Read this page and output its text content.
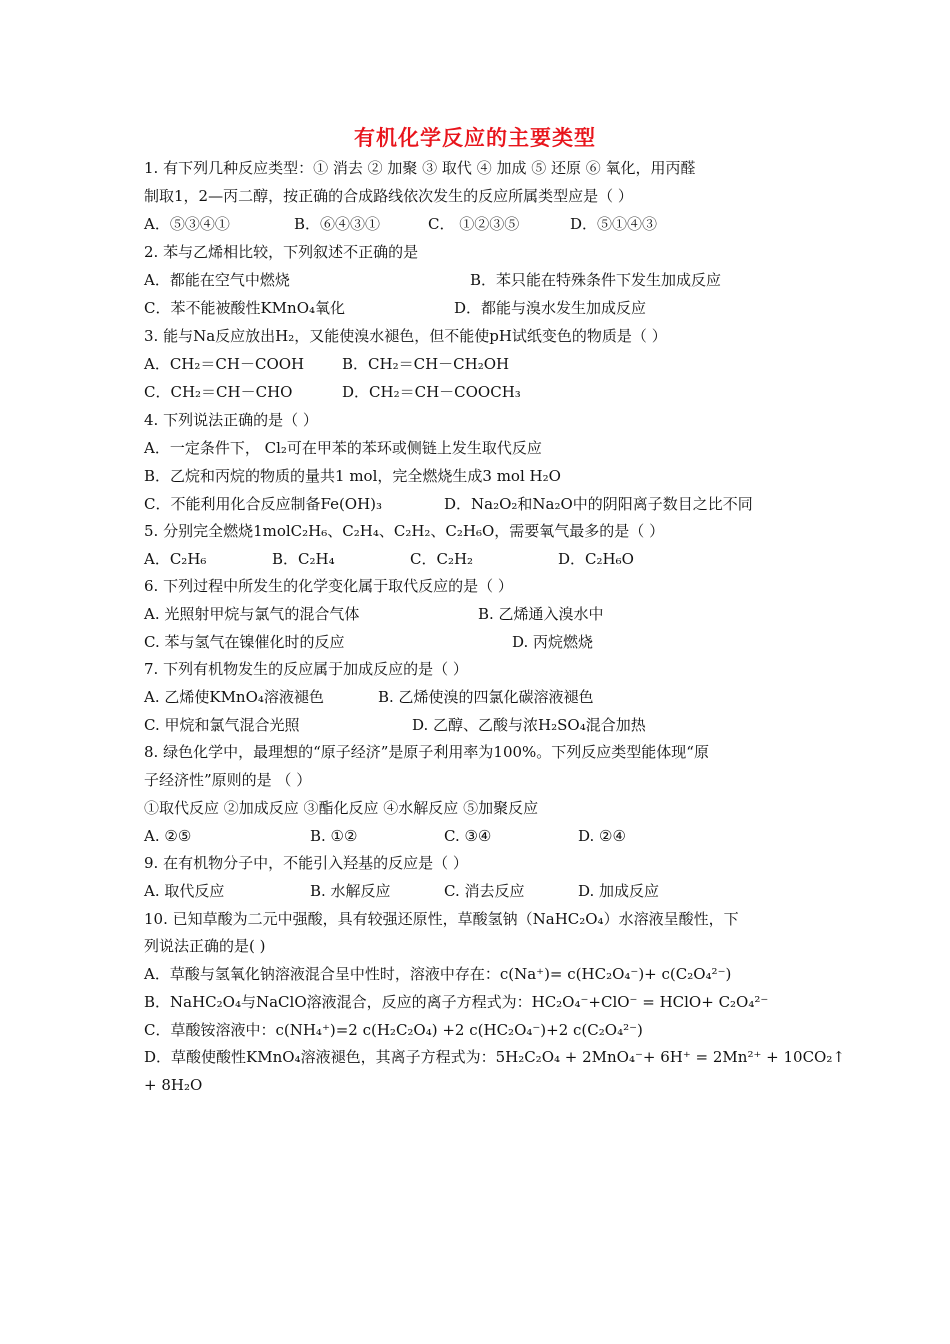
有机化学反应的主要类型
1. 有下列几种反应类型：① 消去 ② 加聚 ③ 取代 ④ 加成 ⑤ 还原 ⑥ 氧化，用丙醛
制取1，2—丙二醇，按正确的合成路线依次发生的反应所属类型应是（ ）
A．⑤③④①	B．⑥④③①	C． ①②③⑤	D．⑤①④③
2. 苯与乙烯相比较，下列叙述不正确的是
A．都能在空气中燃烧	B．苯只能在特殊条件下发生加成反应
C．苯不能被酸性KMnO₄氧化	D．都能与溴水发生加成反应
3. 能与Na反应放出H₂，又能使溴水褪色，但不能使pH试纸变色的物质是（ ）
A．CH₂＝CH－COOH	B．CH₂＝CH－CH₂OH
C．CH₂＝CH－CHO	D．CH₂＝CH－COOCH₃
4. 下列说法正确的是（ ）
A．一定条件下， Cl₂可在甲苯的苯环或侧链上发生取代反应
B．乙烷和丙烷的物质的量共1 mol，完全燃烧生成3 mol H₂O
C．不能利用化合反应制备Fe(OH)₃	D．Na₂O₂和Na₂O中的阴阳离子数目之比不同
5. 分别完全燃烧1molC₂H₆、C₂H₄、C₂H₂、C₂H₆O，需要氧气最多的是（ ）
A．C₂H₆	B．C₂H₄	C．C₂H₂	D．C₂H₆O
6. 下列过程中所发生的化学变化属于取代反应的是（ ）
A. 光照射甲烷与氯气的混合气体	B. 乙烯通入溴水中
C. 苯与氢气在镍催化时的反应	D. 丙烷燃烧
7. 下列有机物发生的反应属于加成反应的是（ ）
A. 乙烯使KMnO₄溶液褪色	B. 乙烯使溴的四氯化碳溶液褪色
C. 甲烷和氯气混合光照	D. 乙醇、乙酸与浓H₂SO₄混合加热
8. 绿色化学中，最理想的“原子经济”是原子利用率为100%。下列反应类型能体现“原
子经济性”原则的是 （ ）
①取代反应 ②加成反应 ③酯化反应 ④水解反应 ⑤加聚反应
A. ②⑤	B. ①②	C. ③④	D. ②④
9. 在有机物分子中，不能引入羟基的反应是（ ）
A. 取代反应	B. 水解反应	C. 消去反应	D. 加成反应
10. 已知草酸为二元中强酸，具有较强还原性，草酸氢钠（NaHC₂O₄）水溶液呈酸性，下
列说法正确的是( )
A．草酸与氢氧化钠溶液混合呈中性时，溶液中存在：c(Na⁺)= c(HC₂O₄⁻)+ c(C₂O₄²⁻)
B．NaHC₂O₄与NaClO溶液混合，反应的离子方程式为：HC₂O₄⁻+ClO⁻ = HClO+ C₂O₄²⁻
C．草酸铵溶液中：c(NH₄⁺)=2 c(H₂C₂O₄) +2 c(HC₂O₄⁻)+2 c(C₂O₄²⁻)
D．草酸使酸性KMnO₄溶液褪色，其离子方程式为：5H₂C₂O₄ + 2MnO₄⁻+ 6H⁺ = 2Mn²⁺ + 10CO₂↑
+ 8H₂O
